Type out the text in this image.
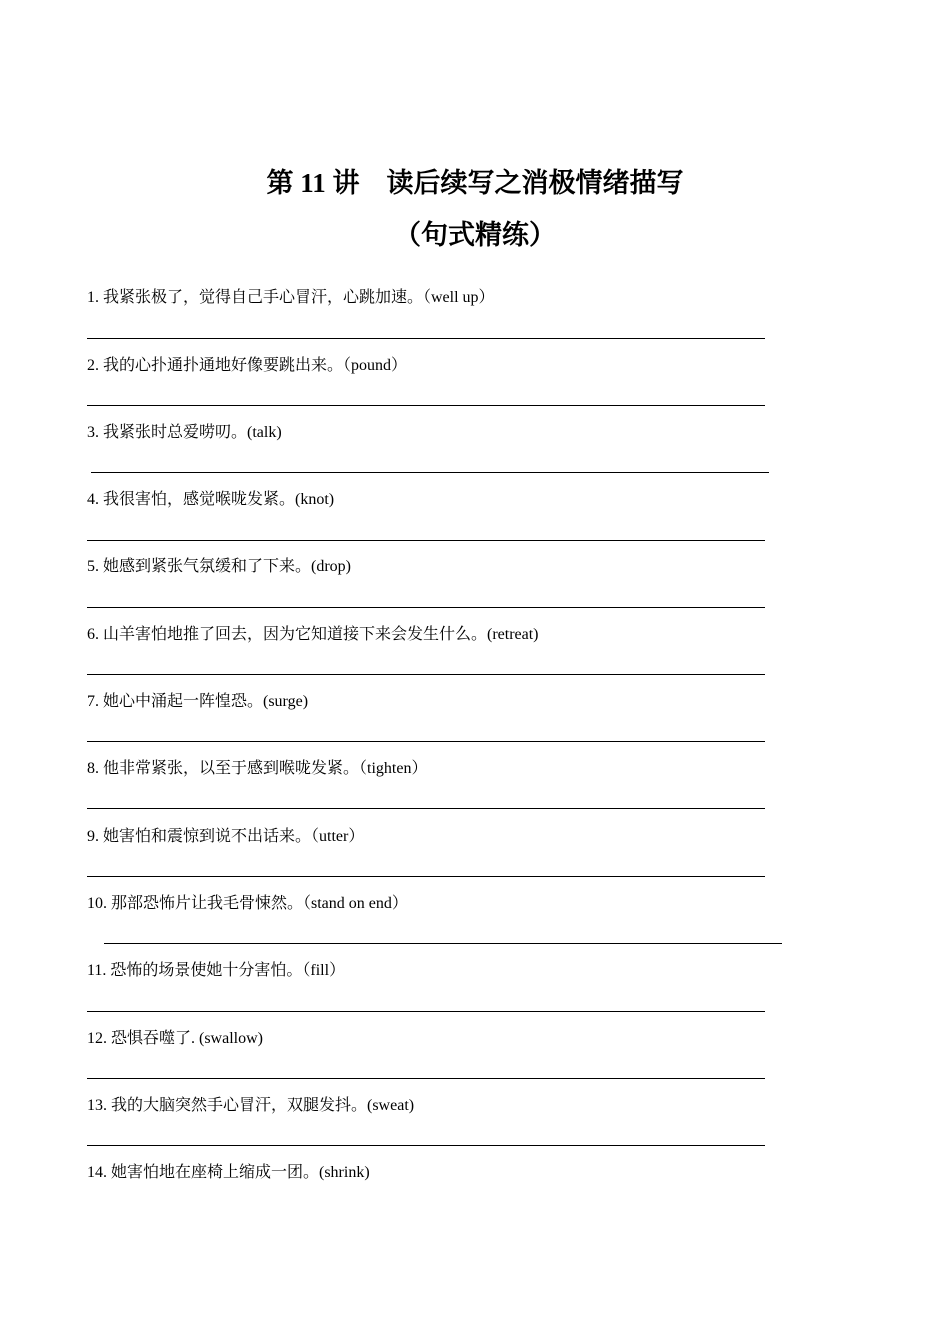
第 11 讲　读后续写之消极情绪描写
（句式精练）
1. 我紧张极了，觉得自己手心冒汗，心跳加速。（well up）
2. 我的心扑通扑通地好像要跳出来。（pound）
3. 我紧张时总爱唠叨。(talk)
4. 我很害怕，感觉喉咙发紧。(knot)
5. 她感到紧张气氛缓和了下来。(drop)
6. 山羊害怕地推了回去，因为它知道接下来会发生什么。(retreat)
7. 她心中涌起一阵惶恐。(surge)
8. 他非常紧张，以至于感到喉咙发紧。（tighten）
9. 她害怕和震惊到说不出话来。（utter）
10. 那部恐怖片让我毛骨悚然。（stand on end）
11. 恐怖的场景使她十分害怕。（fill）
12. 恐惧吞噬了. (swallow)
13. 我的大脑突然手心冒汗，双腿发抖。(sweat)
14. 她害怕地在座椅上缩成一团。(shrink)
